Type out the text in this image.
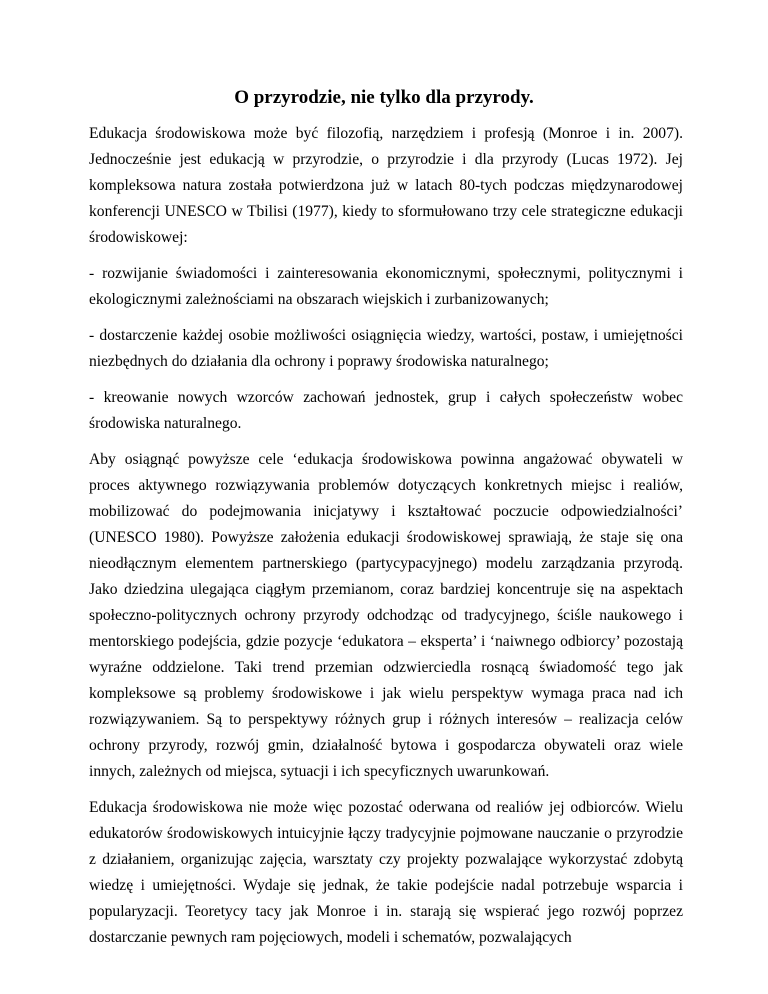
O przyrodzie, nie tylko dla przyrody.

Edukacja środowiskowa może być filozofią, narzędziem i profesją (Monroe i in. 2007). Jednocześnie jest edukacją w przyrodzie, o przyrodzie i dla przyrody (Lucas 1972). Jej kompleksowa natura została potwierdzona już w latach 80-tych podczas międzynarodowej konferencji UNESCO w Tbilisi (1977), kiedy to sformułowano trzy cele strategiczne edukacji środowiskowej:

- rozwijanie świadomości i zainteresowania ekonomicznymi, społecznymi, politycznymi i ekologicznymi zależnościami na obszarach wiejskich i zurbanizowanych;

- dostarczenie każdej osobie możliwości osiągnięcia wiedzy, wartości, postaw, i umiejętności niezbędnych do działania dla ochrony i poprawy środowiska naturalnego;

- kreowanie nowych wzorców zachowań jednostek, grup i całych społeczeństw wobec środowiska naturalnego.

Aby osiągnąć powyższe cele ‘edukacja środowiskowa powinna angażować obywateli w proces aktywnego rozwiązywania problemów dotyczących konkretnych miejsc i realiów, mobilizować do podejmowania inicjatywy i kształtować poczucie odpowiedzialności’ (UNESCO 1980). Powyższe założenia edukacji środowiskowej sprawiają, że staje się ona nieodłącznym elementem partnerskiego (partycypacyjnego) modelu zarządzania przyrodą. Jako dziedzina ulegająca ciągłym przemianom, coraz bardziej koncentruje się na aspektach społeczno-politycznych ochrony przyrody odchodząc od tradycyjnego, ściśle naukowego i mentorskiego podejścia, gdzie pozycje ‘edukatora – eksperta’ i ‘naiwnego odbiorcy’ pozostają wyraźne oddzielone. Taki trend przemian odzwierciedla rosnącą świadomość tego jak kompleksowe są problemy środowiskowe i jak wielu perspektyw wymaga praca nad ich rozwiązywaniem. Są to perspektywy różnych grup i różnych interesów – realizacja celów ochrony przyrody, rozwój gmin, działalność bytowa i gospodarcza obywateli oraz wiele innych, zależnych od miejsca, sytuacji i ich specyficznych uwarunkowań.

Edukacja środowiskowa nie może więc pozostać oderwana od realiów jej odbiorców. Wielu edukatorów środowiskowych intuicyjnie łączy tradycyjnie pojmowane nauczanie o przyrodzie z działaniem, organizując zajęcia, warsztaty czy projekty pozwalające wykorzystać zdobytą wiedzę i umiejętności. Wydaje się jednak, że takie podejście nadal potrzebuje wsparcia i popularyzacji. Teoretycy tacy jak Monroe i in. starają się wspierać jego rozwój poprzez dostarczanie pewnych ram pojęciowych, modeli i schematów, pozwalających
